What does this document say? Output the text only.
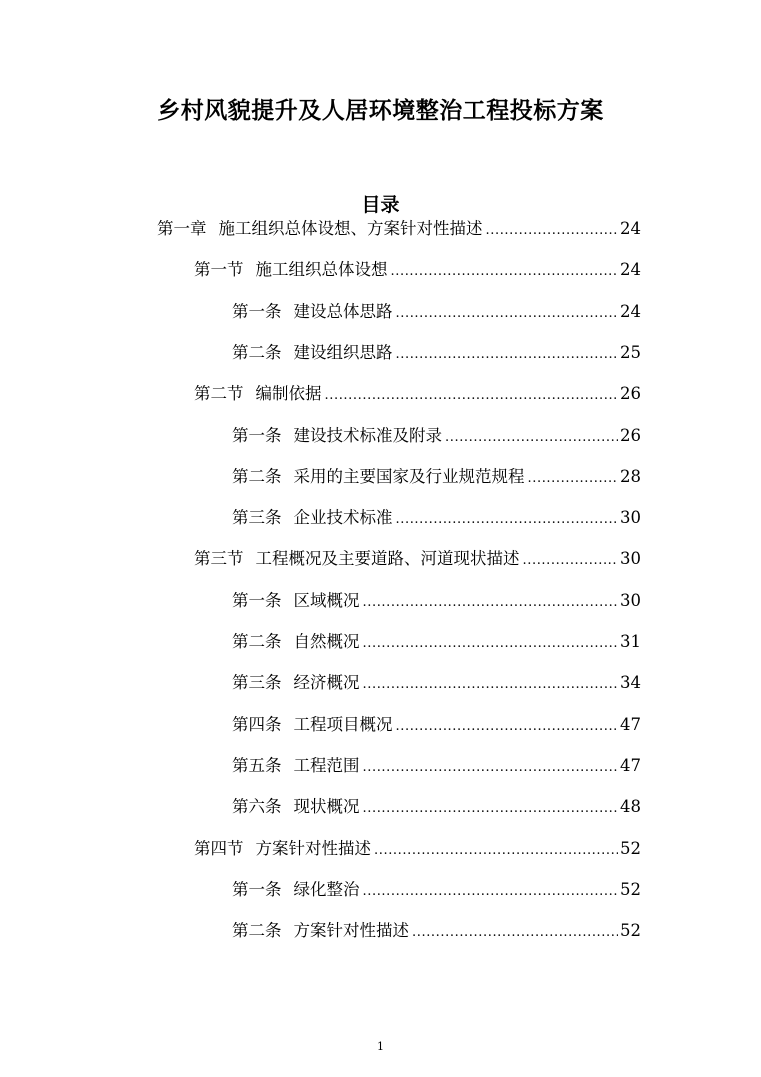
乡村风貌提升及人居环境整治工程投标方案
目录
第一章 施工组织总体设想、方案针对性描述 .....	24
第一节 施工组织总体设想 .....	24
第一条 建设总体思路 .....	24
第二条 建设组织思路 .....	25
第二节 编制依据 .....	26
第一条 建设技术标准及附录 .....	26
第二条 采用的主要国家及行业规范规程 .....	28
第三条 企业技术标准 .....	30
第三节 工程概况及主要道路、河道现状描述 .....	30
第一条 区域概况 .....	30
第二条 自然概况 .....	31
第三条 经济概况 .....	34
第四条 工程项目概况 .....	47
第五条 工程范围 .....	47
第六条 现状概况 .....	48
第四节 方案针对性描述 .....	52
第一条 绿化整治 .....	52
第二条 方案针对性描述 .....	52
1
